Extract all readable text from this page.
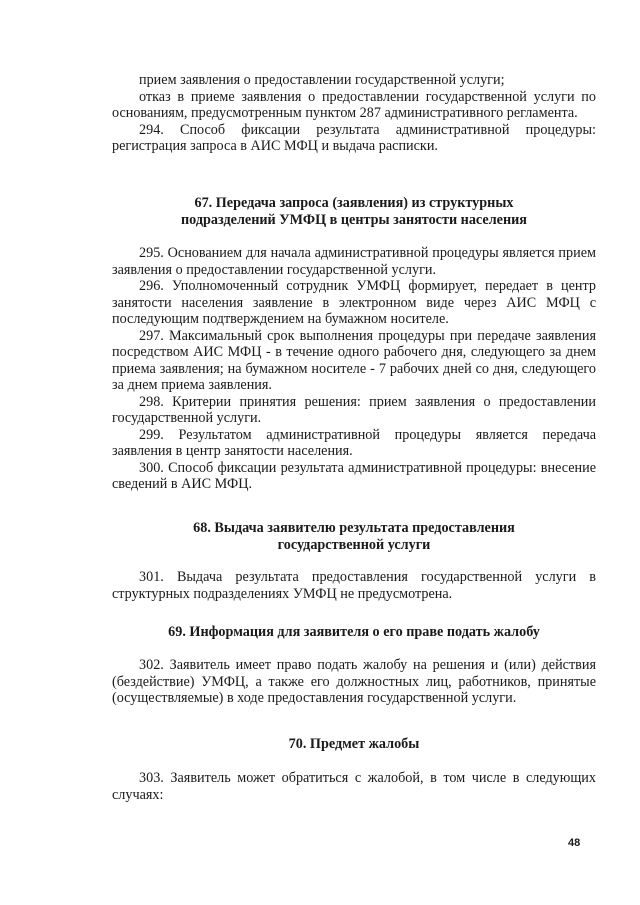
прием заявления о предоставлении государственной услуги;

отказ в приеме заявления о предоставлении государственной услуги по основаниям, предусмотренным пунктом 287 административного регламента.

294. Способ фиксации результата административной процедуры: регистрация запроса в АИС МФЦ и выдача расписки.

67. Передача запроса (заявления) из структурных
подразделений УМФЦ в центры занятости населения

295. Основанием для начала административной процедуры является прием заявления о предоставлении государственной услуги.

296. Уполномоченный сотрудник УМФЦ формирует, передает в центр занятости населения заявление в электронном виде через АИС МФЦ с последующим подтверждением на бумажном носителе.

297. Максимальный срок выполнения процедуры при передаче заявления посредством АИС МФЦ - в течение одного рабочего дня, следующего за днем приема заявления; на бумажном носителе - 7 рабочих дней со дня, следующего за днем приема заявления.

298. Критерии принятия решения: прием заявления о предоставлении государственной услуги.

299. Результатом административной процедуры является передача заявления в центр занятости населения.

300. Способ фиксации результата административной процедуры: внесение сведений в АИС МФЦ.

68. Выдача заявителю результата предоставления
государственной услуги

301. Выдача результата предоставления государственной услуги в структурных подразделениях УМФЦ не предусмотрена.

69. Информация для заявителя о его праве подать жалобу

302. Заявитель имеет право подать жалобу на решения и (или) действия (бездействие) УМФЦ, а также его должностных лиц, работников, принятые (осуществляемые) в ходе предоставления государственной услуги.

70. Предмет жалобы

303. Заявитель может обратиться с жалобой, в том числе в следующих случаях:

48
